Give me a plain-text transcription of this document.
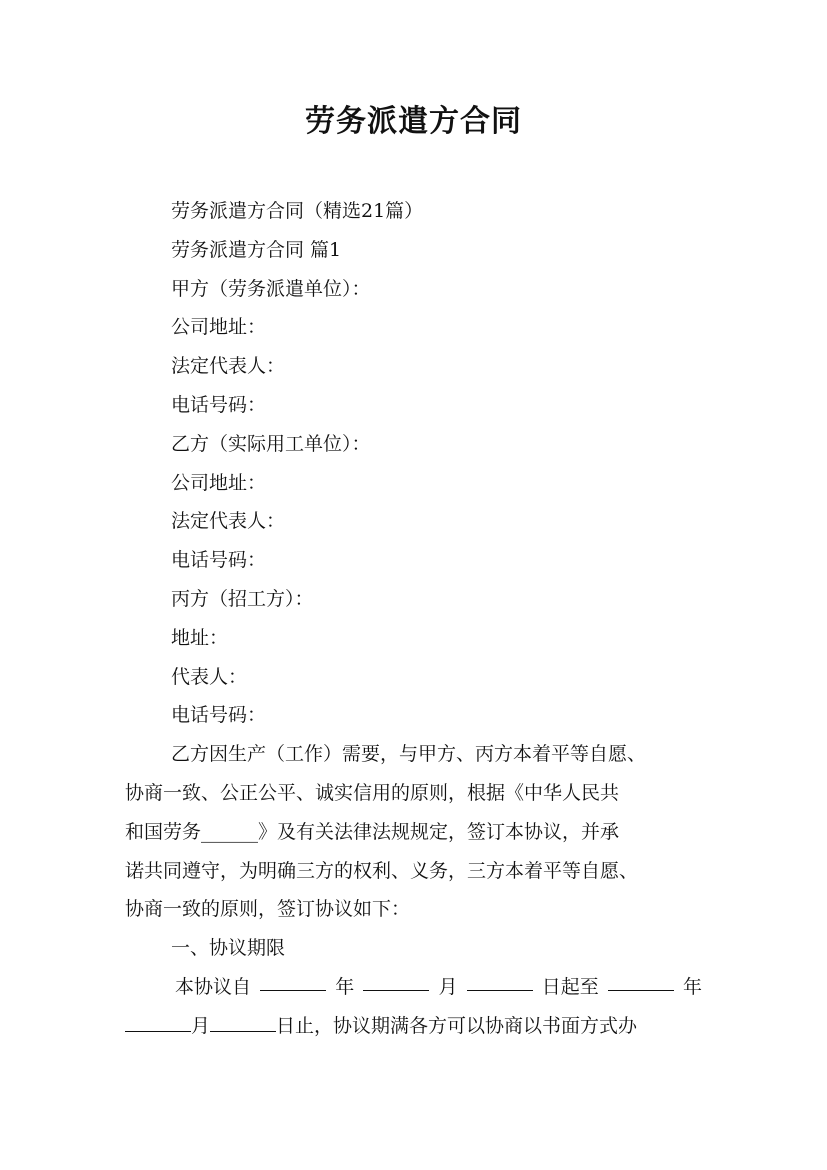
劳务派遣方合同
劳务派遣方合同（精选21篇）
劳务派遣方合同 篇1
甲方（劳务派遣单位）：
公司地址：
法定代表人：
电话号码：
乙方（实际用工单位）：
公司地址：
法定代表人：
电话号码：
丙方（招工方）：
地址：
代表人：
电话号码：
乙方因生产（工作）需要，与甲方、丙方本着平等自愿、
协商一致、公正公平、诚实信用的原则，根据《中华人民共
和国劳务______》及有关法律法规规定，签订本协议，并承
诺共同遵守，为明确三方的权利、义务，三方本着平等自愿、
协商一致的原则，签订协议如下：
一、协议期限
本协议自	年	月	日起至	年
月	日止，协议期满各方可以协商以书面方式办
